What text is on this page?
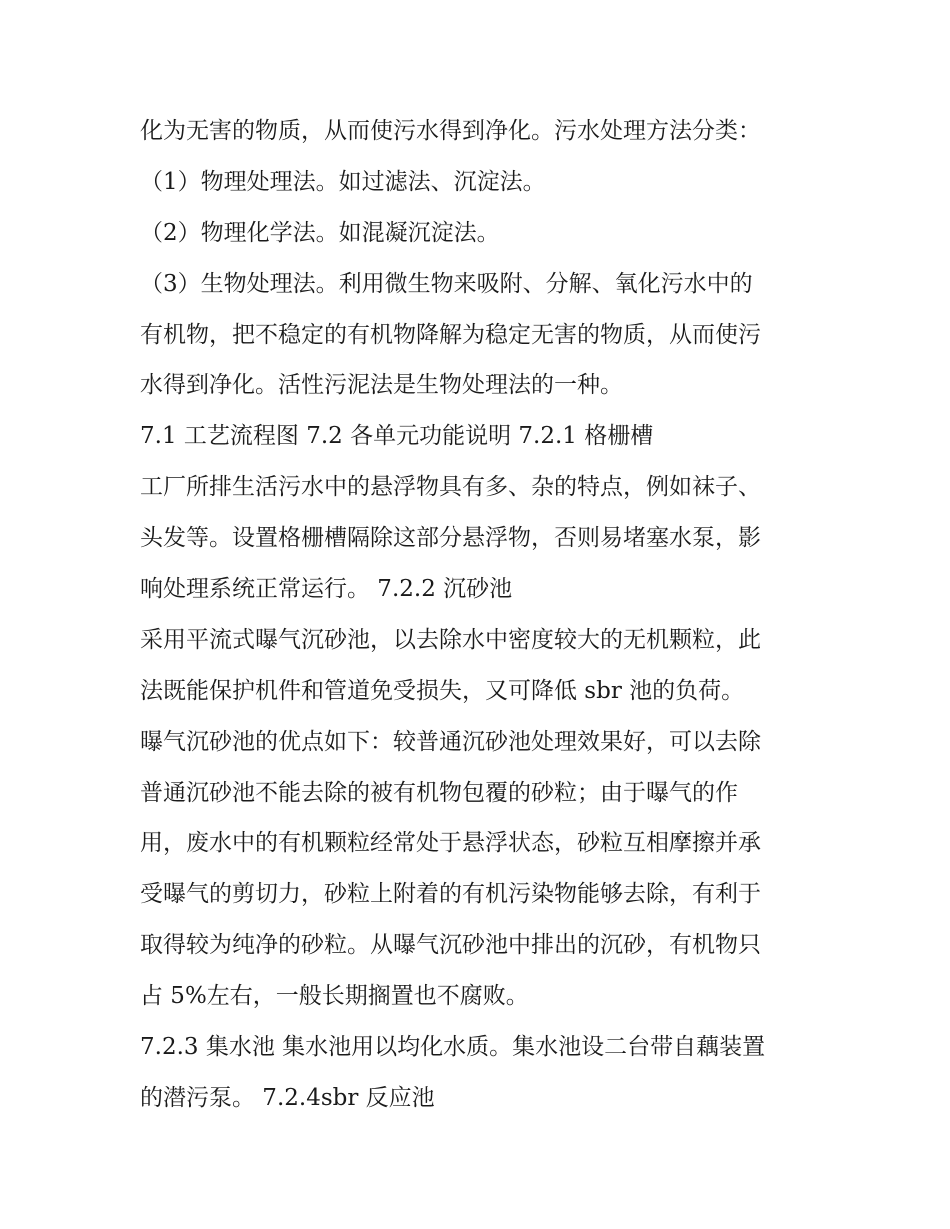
化为无害的物质，从而使污水得到净化。污水处理方法分类：
（1）物理处理法。如过滤法、沉淀法。
（2）物理化学法。如混凝沉淀法。
（3）生物处理法。利用微生物来吸附、分解、氧化污水中的
有机物，把不稳定的有机物降解为稳定无害的物质，从而使污
水得到净化。活性污泥法是生物处理法的一种。
7.1 工艺流程图 7.2 各单元功能说明 7.2.1 格栅槽
工厂所排生活污水中的悬浮物具有多、杂的特点，例如袜子、
头发等。设置格栅槽隔除这部分悬浮物，否则易堵塞水泵，影
响处理系统正常运行。 7.2.2 沉砂池
采用平流式曝气沉砂池，以去除水中密度较大的无机颗粒，此
法既能保护机件和管道免受损失，又可降低 sbr 池的负荷。
曝气沉砂池的优点如下：较普通沉砂池处理效果好，可以去除
普通沉砂池不能去除的被有机物包覆的砂粒；由于曝气的作
用，废水中的有机颗粒经常处于悬浮状态，砂粒互相摩擦并承
受曝气的剪切力，砂粒上附着的有机污染物能够去除，有利于
取得较为纯净的砂粒。从曝气沉砂池中排出的沉砂，有机物只
占 5%左右，一般长期搁置也不腐败。
7.2.3 集水池 集水池用以均化水质。集水池设二台带自藕装置
的潜污泵。 7.2.4sbr 反应池
